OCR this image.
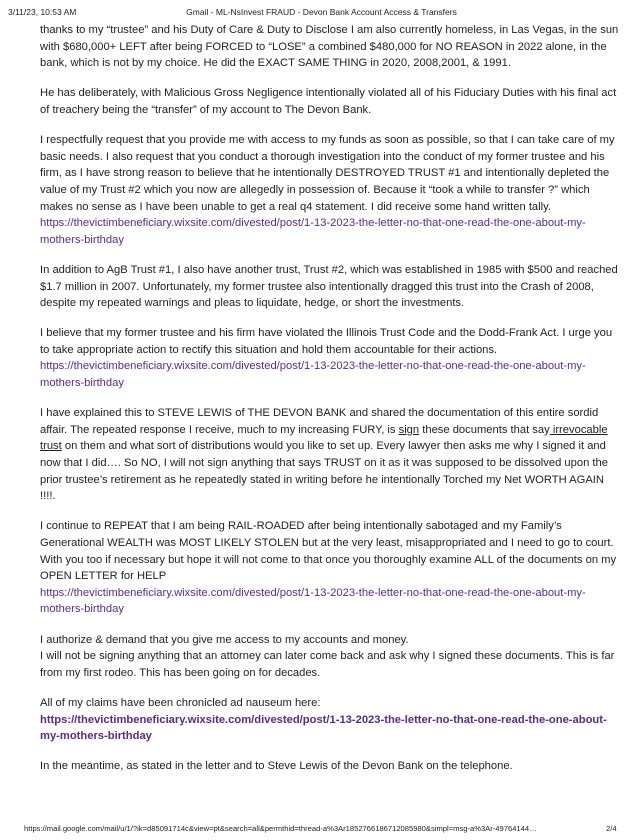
3/11/23, 10:53 AM	Gmail - ML-NsInvest FRAUD - Devon Bank Account Access & Transfers

thanks to my “trustee” and his Duty of Care & Duty to Disclose I am also currently homeless, in Las Vegas, in the sun with $680,000+ LEFT after being FORCED to “LOSE” a combined $480,000 for NO REASON in 2022 alone, in the bank, which is not by my choice. He did the EXACT SAME THING in 2020, 2008,2001, & 1991.

He has deliberately, with Malicious Gross Negligence intentionally violated all of his Fiduciary Duties with his final act of treachery being the “transfer” of my account to The Devon Bank.

I respectfully request that you provide me with access to my funds as soon as possible, so that I can take care of my basic needs. I also request that you conduct a thorough investigation into the conduct of my former trustee and his firm, as I have strong reason to believe that he intentionally DESTROYED TRUST #1 and intentionally depleted the value of my Trust #2 which you now are allegedly in possession of. Because it “took a while to transfer ?” which makes no sense as I have been unable to get a real q4 statement. I did receive some hand written tally.
https://thevictimbeneficiary.wixsite.com/divested/post/1-13-2023-the-letter-no-that-one-read-the-one-about-my-mothers-birthday

In addition to AgB Trust #1, I also have another trust, Trust #2, which was established in 1985 with $500 and reached $1.7 million in 2007. Unfortunately, my former trustee also intentionally dragged this trust into the Crash of 2008, despite my repeated warnings and pleas to liquidate, hedge, or short the investments.

I believe that my former trustee and his firm have violated the Illinois Trust Code and the Dodd-Frank Act. I urge you to take appropriate action to rectify this situation and hold them accountable for their actions.
https://thevictimbeneficiary.wixsite.com/divested/post/1-13-2023-the-letter-no-that-one-read-the-one-about-my-mothers-birthday

I have explained this to STEVE LEWIS of THE DEVON BANK and shared the documentation of this entire sordid affair. The repeated response I receive, much to my increasing FURY, is sign these documents that say irrevocable trust on them and what sort of distributions would you like to set up. Every lawyer then asks me why I signed it and now that I did…. So NO, I will not sign anything that says TRUST on it as it was supposed to be dissolved upon the prior trustee’s retirement as he repeatedly stated in writing before he intentionally Torched my Net WORTH AGAIN !!!!.

I continue to REPEAT that I am being RAIL-ROADED after being intentionally sabotaged and my Family’s Generational WEALTH was MOST LIKELY STOLEN but at the very least, misappropriated and I need to go to court. With you too if necessary but hope it will not come to that once you thoroughly examine ALL of the documents on my OPEN LETTER for HELP
https://thevictimbeneficiary.wixsite.com/divested/post/1-13-2023-the-letter-no-that-one-read-the-one-about-my-mothers-birthday

I authorize & demand that you give me access to my accounts and money.
I will not be signing anything that an attorney can later come back and ask why I signed these documents. This is far from my first rodeo. This has been going on for decades.

All of my claims have been chronicled ad nauseum here:
https://thevictimbeneficiary.wixsite.com/divested/post/1-13-2023-the-letter-no-that-one-read-the-one-about-my-mothers-birthday

In the meantime, as stated in the letter and to Steve Lewis of the Devon Bank on the telephone.

https://mail.google.com/mail/u/1/?ik=d85091714c&view=pt&search=all&permthid=thread-a%3Ar1852766186712085980&simpl=msg-a%3Ar-49764144…	2/4
